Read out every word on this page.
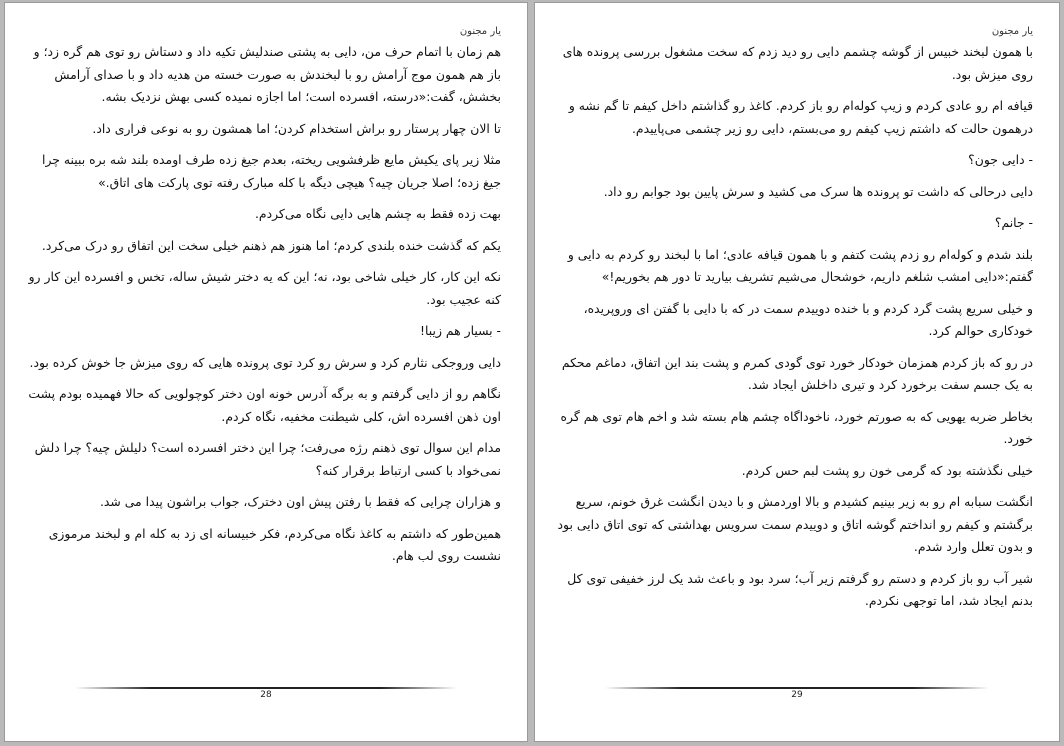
یار مجنون

هم زمان با اتمام حرف من، دایی به پشتی صندلیش تکیه داد و دستاش رو توی هم گره زد؛ و باز هم همون موج آرامش رو با لبخندش به صورت خسته من هدیه داد و با صدای آرامش بخشش، گفت:«درسته، افسرده است؛ اما اجازه نمیده کسی بهش نزدیک بشه.

تا الان چهار پرستار رو براش استخدام کردن؛ اما همشون رو به نوعی فراری داد.

مثلا زیر پای یکیش مایع ظرفشویی ریخته، بعدم جیغ زده طرف اومده بلند شه بره ببینه چرا جیغ زده؛ اصلا جریان چیه؟ هیچی دیگه با کله مبارک رفته توی پارکت های اتاق.»

بهت زده فقط به چشم هایی دایی نگاه می‌کردم.

یکم که گذشت خنده بلندی کردم؛ اما هنوز هم ذهنم خیلی سخت این اتفاق رو درک می‌کرد.

نکه این کار، کار خیلی شاخی بود، نه؛ این که یه دختر شیش ساله، تخس و افسرده این کار رو کنه عجیب بود.

- بسیار هم زیبا!

دایی وروجکی نثارم کرد و سرش رو کرد توی پرونده هایی که روی میزش جا خوش کرده بود.

نگاهم رو از دایی گرفتم و به برگه آدرس خونه اون دختر کوچولویی که حالا فهمیده بودم پشت اون ذهن افسرده اش، کلی شیطنت مخفیه، نگاه کردم.

مدام این سوال توی ذهنم رژه می‌رفت؛ چرا این دختر افسرده است؟ دلیلش چیه؟ چرا دلش نمی‌خواد با کسی ارتباط برقرار کنه؟

و هزاران چرایی که فقط با رفتن پیش اون دخترک، جواب براشون پیدا می شد.

همین‌طور که داشتم به کاغذ نگاه می‌کردم، فکر خبیسانه ای زد به کله ام و لبخند مرموزی نشست روی لب هام.

28
یار مجنون

با همون لبخند خبیس از گوشه چشمم دایی رو دید زدم که سخت مشغول بررسی پرونده های روی میزش بود.

قیافه ام رو عادی کردم و زیپ کوله‌ام رو باز کردم. کاغذ رو گذاشتم داخل کیفم تا گم نشه و درهمون حالت که داشتم زیپ کیفم رو می‌بستم، دایی رو زیر چشمی می‌پاییدم.

- دایی جون؟

دایی درحالی که داشت تو پرونده ها سرک می کشید و سرش پایین بود جوابم رو داد.

- جانم؟

بلند شدم و کوله‌ام رو زدم پشت کتفم و با همون قیافه عادی؛ اما با لبخند رو کردم به دایی و گفتم:«دایی امشب شلغم داریم، خوشحال می‌شیم تشریف بیارید تا دور هم بخوریم!»

و خیلی سریع پشت گرد کردم و با خنده دوییدم سمت در که با دایی با گفتن ای وروپریده، خودکاری حوالم کرد.

در رو که باز کردم همزمان خودکار خورد توی گودی کمرم و پشت بند این اتفاق، دماغم محکم به یک جسم سفت برخورد کرد و تیری داخلش ایجاد شد.

بخاطر ضربه یهویی که به صورتم خورد، ناخوداگاه چشم هام بسته شد و اخم هام توی هم گره خورد.

خیلی نگذشته بود که گرمی خون رو پشت لبم حس کردم.

انگشت سبابه ام رو به زیر بینیم کشیدم و بالا اوردمش و با دیدن انگشت غرق خونم، سریع برگشتم و کیفم رو انداختم گوشه اتاق و دوییدم سمت سرویس بهداشتی که توی اتاق دایی بود و بدون تعلل وارد شدم.

شیر آب رو باز کردم و دستم رو گرفتم زیر آب؛ سرد بود و باعث شد یک لرز خفیفی توی کل بدنم ایجاد شد، اما توجهی نکردم.

29
